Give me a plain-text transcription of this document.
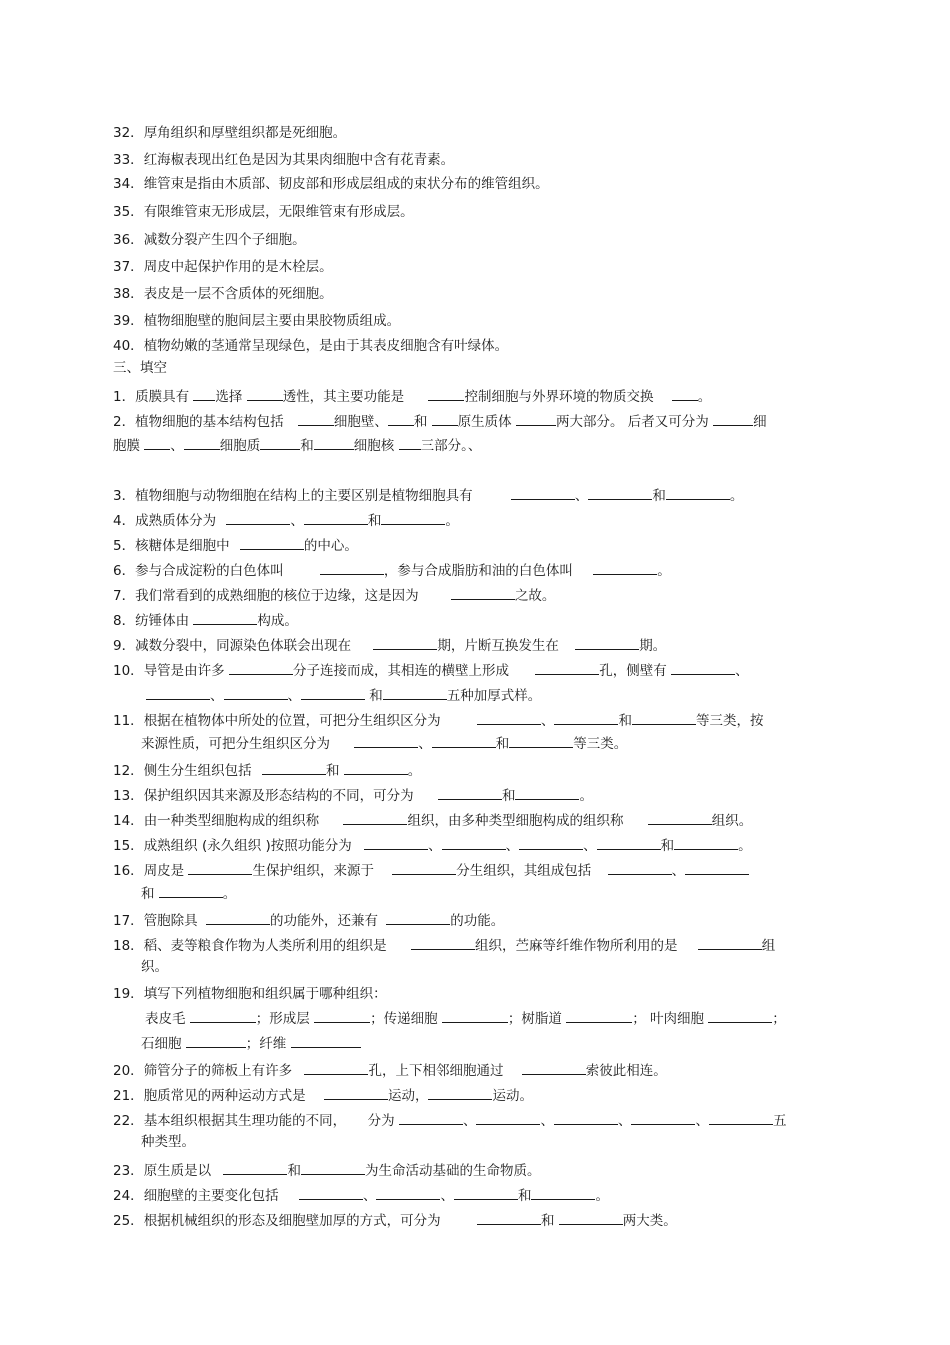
32．厚角组织和厚壁组织都是死细胞。
33．红海椒表现出红色是因为其果肉细胞中含有花青素。
34．维管束是指由木质部、韧皮部和形成层组成的束状分布的维管组织。
35．有限维管束无形成层，无限维管束有形成层。
36．减数分裂产生四个子细胞。
37．周皮中起保护作用的是木栓层。
38．表皮是一层不含质体的死细胞。
39．植物细胞壁的胞间层主要由果胶物质组成。
40．植物幼嫩的茎通常呈现绿色，是由于其表皮细胞含有叶绿体。
三、填空
1．质膜具有 选择	透性，其主要功能是	控制细胞与外界环境的物质交换	。
2．植物细胞的基本结构包括	细胞壁、 和 原生质体	两大部分。 后者又可分为	细
胞膜 、	细胞质	和	细胞核 三部分。、
3．植物细胞与动物细胞在结构上的主要区别是植物细胞具有	、	和	。
4．成熟质体分为	、	和	。
5．核糖体是细胞中	的中心。
6．参与合成淀粉的白色体叫	，参与合成脂肪和油的白色体叫	。
7．我们常看到的成熟细胞的核位于边缘，这是因为	之故。
8．纺锤体由	构成。
9．减数分裂中，同源染色体联会出现在	期，片断互换发生在	期。
10．导管是由许多	分子连接而成，其相连的横壁上形成	孔，侧壁有	、
、	、	和	五种加厚式样。
11．根据在植物体中所处的位置，可把分生组织区分为	、	和	等三类，按
来源性质，可把分生组织区分为	、	和	等三类。
12．侧生分生组织包括	和	。
13．保护组织因其来源及形态结构的不同，可分为	和	。
14．由一种类型细胞构成的组织称	组织，由多种类型细胞构成的组织称	组织。
15．成熟组织 (永久组织 )按照功能分为	、	、	、	和	。
16．周皮是	生保护组织，来源于	分生组织，其组成包括	、
和	。
17．管胞除具	的功能外，还兼有	的功能。
18．稻、麦等粮食作物为人类所利用的组织是	组织，苎麻等纤维作物所利用的是	组
织。
19．填写下列植物细胞和组织属于哪种组织：
表皮毛	；形成层	；传递细胞	；树脂道	； 叶肉细胞	；
石细胞	；纤维
20．筛管分子的筛板上有许多	孔，上下相邻细胞通过	索彼此相连。
21．胞质常见的两种运动方式是	运动，	运动。
22．基本组织根据其生理功能的不同，     分为	、	、	、	、	五
种类型。
23．原生质是以	和	为生命活动基础的生命物质。
24．细胞壁的主要变化包括	、	、	和	。
25．根据机械组织的形态及细胞壁加厚的方式，可分为	和	两大类。
